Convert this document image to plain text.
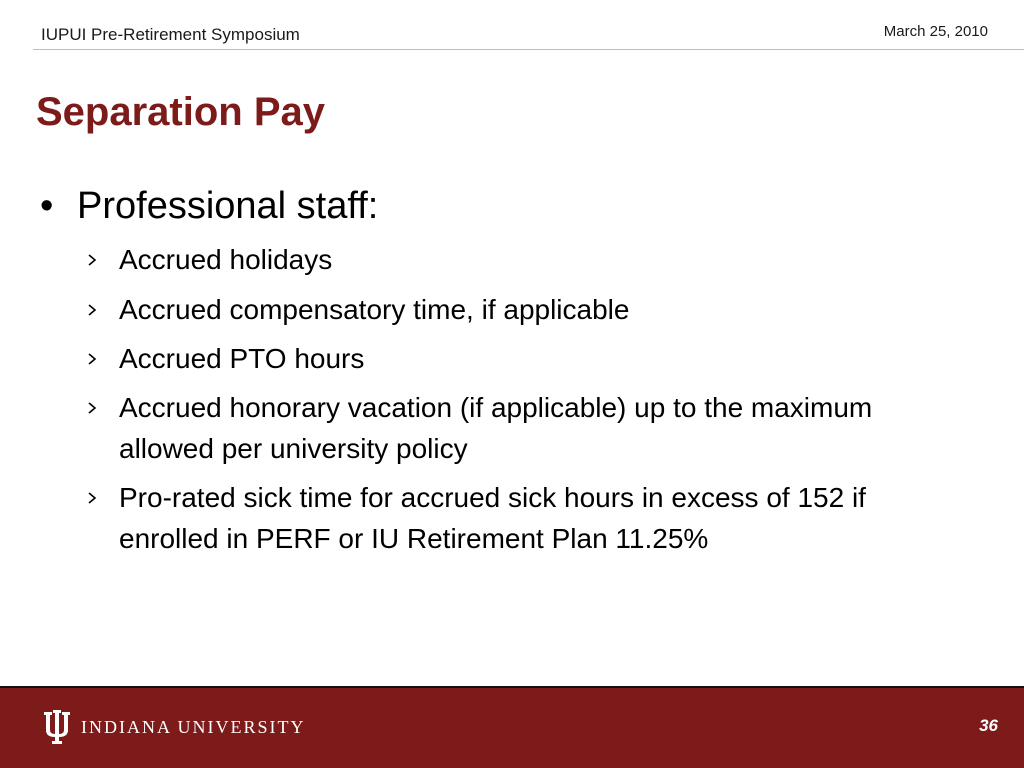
IUPUI Pre-Retirement Symposium	March 25, 2010
Separation Pay
• Professional staff:
Accrued holidays
Accrued compensatory time, if applicable
Accrued PTO hours
Accrued honorary vacation (if applicable) up to the maximum allowed per university policy
Pro-rated sick time for accrued sick hours in excess of 152 if enrolled in PERF or IU Retirement Plan 11.25%
INDIANA UNIVERSITY	36
